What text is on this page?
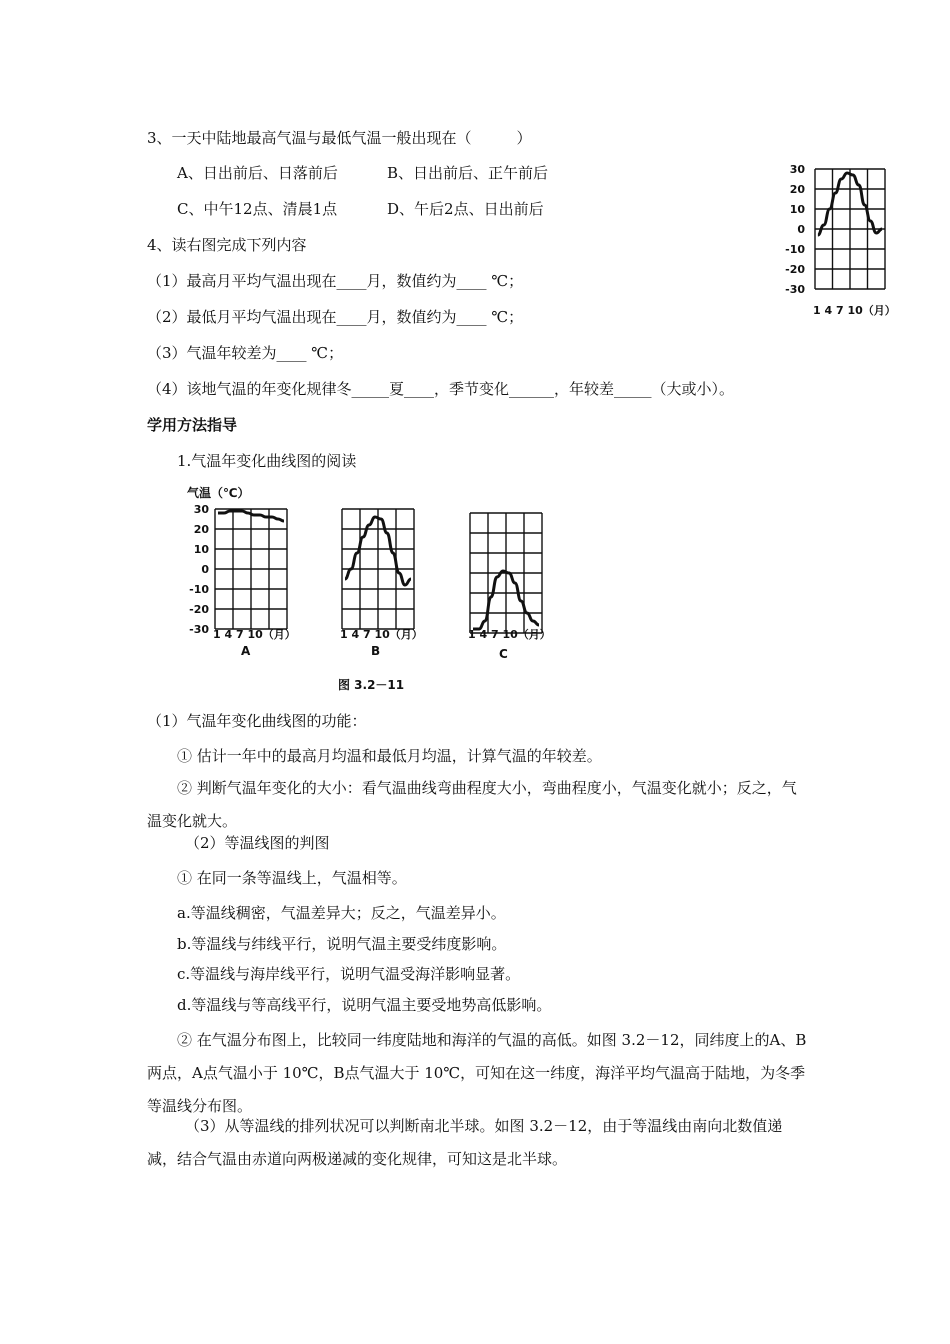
3、一天中陆地最高气温与最低气温一般出现在（　　　）
A、日出前后、日落前后	B、日出前后、正午前后
C、中午12点、清晨1点	D、午后2点、日出前后
4、读右图完成下列内容
（1）最高月平均气温出现在____月，数值约为____ ℃；
（2）最低月平均气温出现在____月，数值约为____ ℃；
（3）气温年较差为____ ℃；
（4）该地气温的年变化规律冬_____夏____，季节变化______，年较差_____（大或小）。
30
20
10
0
-10
-20
-30
1 4 7 10（月）
学用方法指导
1.气温年变化曲线图的阅读
气温（℃）
30
20
10
0
-10
-20
-30 1 4 7 10（月）	1 4 7 10（月）	1 4 7 10（月）
A	B	C
图 3.2－11
（1）气温年变化曲线图的功能：
① 估计一年中的最高月均温和最低月均温，计算气温的年较差。
② 判断气温年变化的大小：看气温曲线弯曲程度大小，弯曲程度小，气温变化就小；反之，气温变化就大。
（2）等温线图的判图
① 在同一条等温线上，气温相等。
a.等温线稠密，气温差异大；反之，气温差异小。
b.等温线与纬线平行，说明气温主要受纬度影响。
c.等温线与海岸线平行，说明气温受海洋影响显著。
d.等温线与等高线平行，说明气温主要受地势高低影响。
② 在气温分布图上，比较同一纬度陆地和海洋的气温的高低。如图 3.2－12，同纬度上的A、B两点，A点气温小于 10℃，B点气温大于 10℃，可知在这一纬度，海洋平均气温高于陆地，为冬季等温线分布图。
（3）从等温线的排列状况可以判断南北半球。如图 3.2－12，由于等温线由南向北数值递减，结合气温由赤道向两极递减的变化规律，可知这是北半球。
